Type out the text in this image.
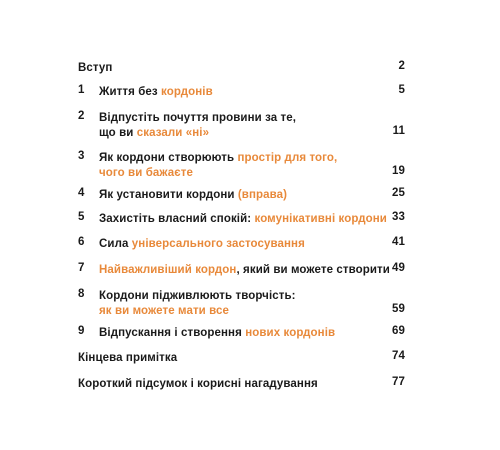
Вступ	2
1 Життя без кордонів	5
2 Відпустіть почуття провини за те,
що ви сказали «ні»	11
3 Як кордони створюють простір для того,
чого ви бажаєте	19
4 Як установити кордони (вправа)	25
5 Захистіть власний спокій: комунікативні кордони 33
6 Сила універсального застосування	41
7 Найважливіший кордон, який ви можете створити 49
8 Кордони підживлюють творчість:
як ви можете мати все	59
9 Відпускання і створення нових кордонів	69
Кінцева примітка	74
Короткий підсумок і корисні нагадування	77
